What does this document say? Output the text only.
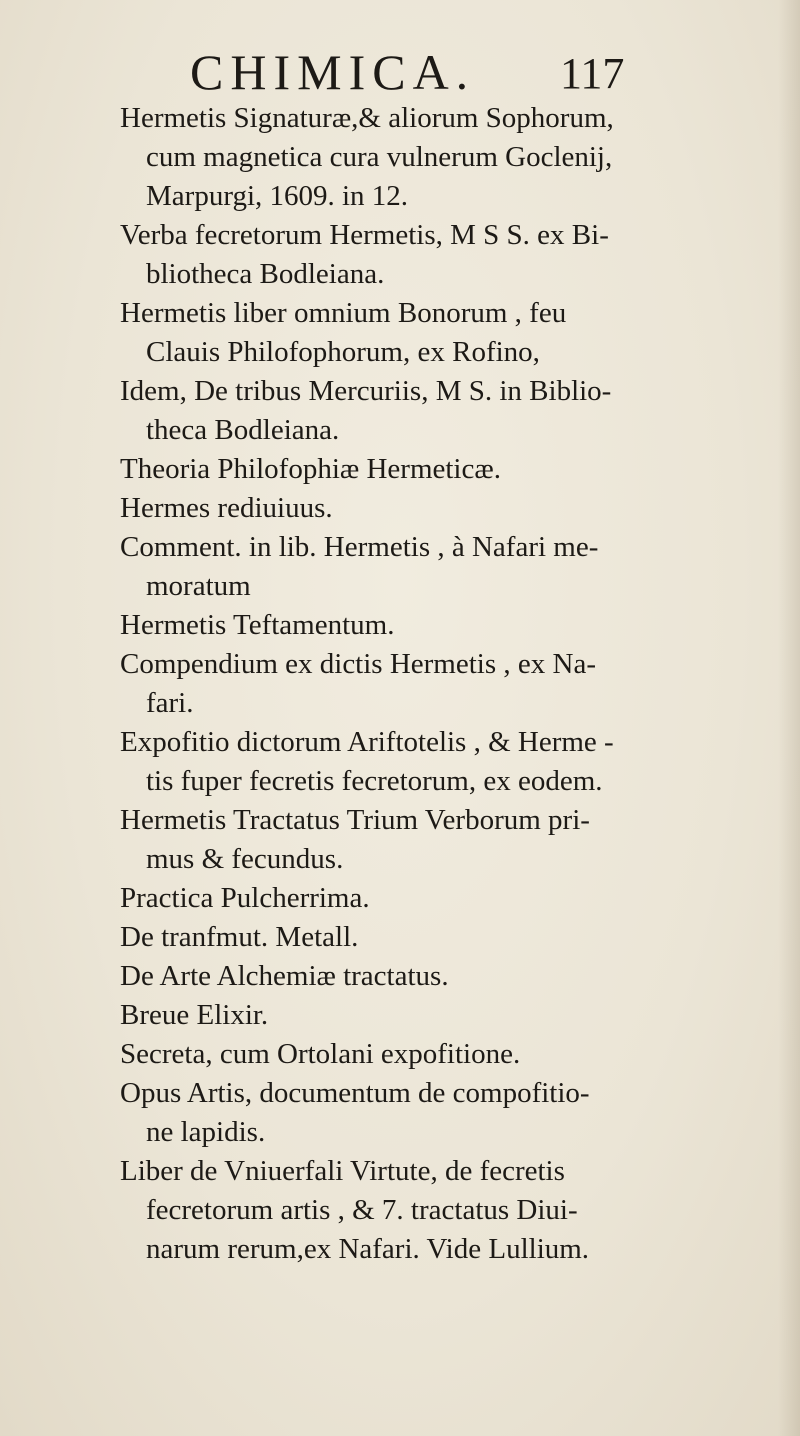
CHIMICA. 117
Hermetis Signaturæ,& aliorum Sophorum,
cum magnetica cura vulnerum Goclenij,
Marpurgi, 1609. in 12.
Verba fecretorum Hermetis, M S S. ex Bi-
bliotheca Bodleiana.
Hermetis liber omnium Bonorum , feu
Clauis Philofophorum, ex Rofino,
Idem, De tribus Mercuriis, M S. in Biblio-
theca Bodleiana.
Theoria Philofophiæ Hermeticæ.
Hermes rediuiuus.
Comment. in lib. Hermetis , à Nafari me-
moratum
Hermetis Teftamentum.
Compendium ex dictis Hermetis , ex Na-
fari.
Expofitio dictorum Ariftotelis , & Herme -
tis fuper fecretis fecretorum, ex eodem.
Hermetis Tractatus Trium Verborum pri-
mus & fecundus.
Practica Pulcherrima.
De tranfmut. Metall.
De Arte Alchemiæ tractatus.
Breue Elixir.
Secreta, cum Ortolani expofitione.
Opus Artis, documentum de compofitio-
ne lapidis.
Liber de Vniuerfali Virtute, de fecretis
fecretorum artis , & 7. tractatus Diui-
narum rerum,ex Nafari. Vide Lullium.
